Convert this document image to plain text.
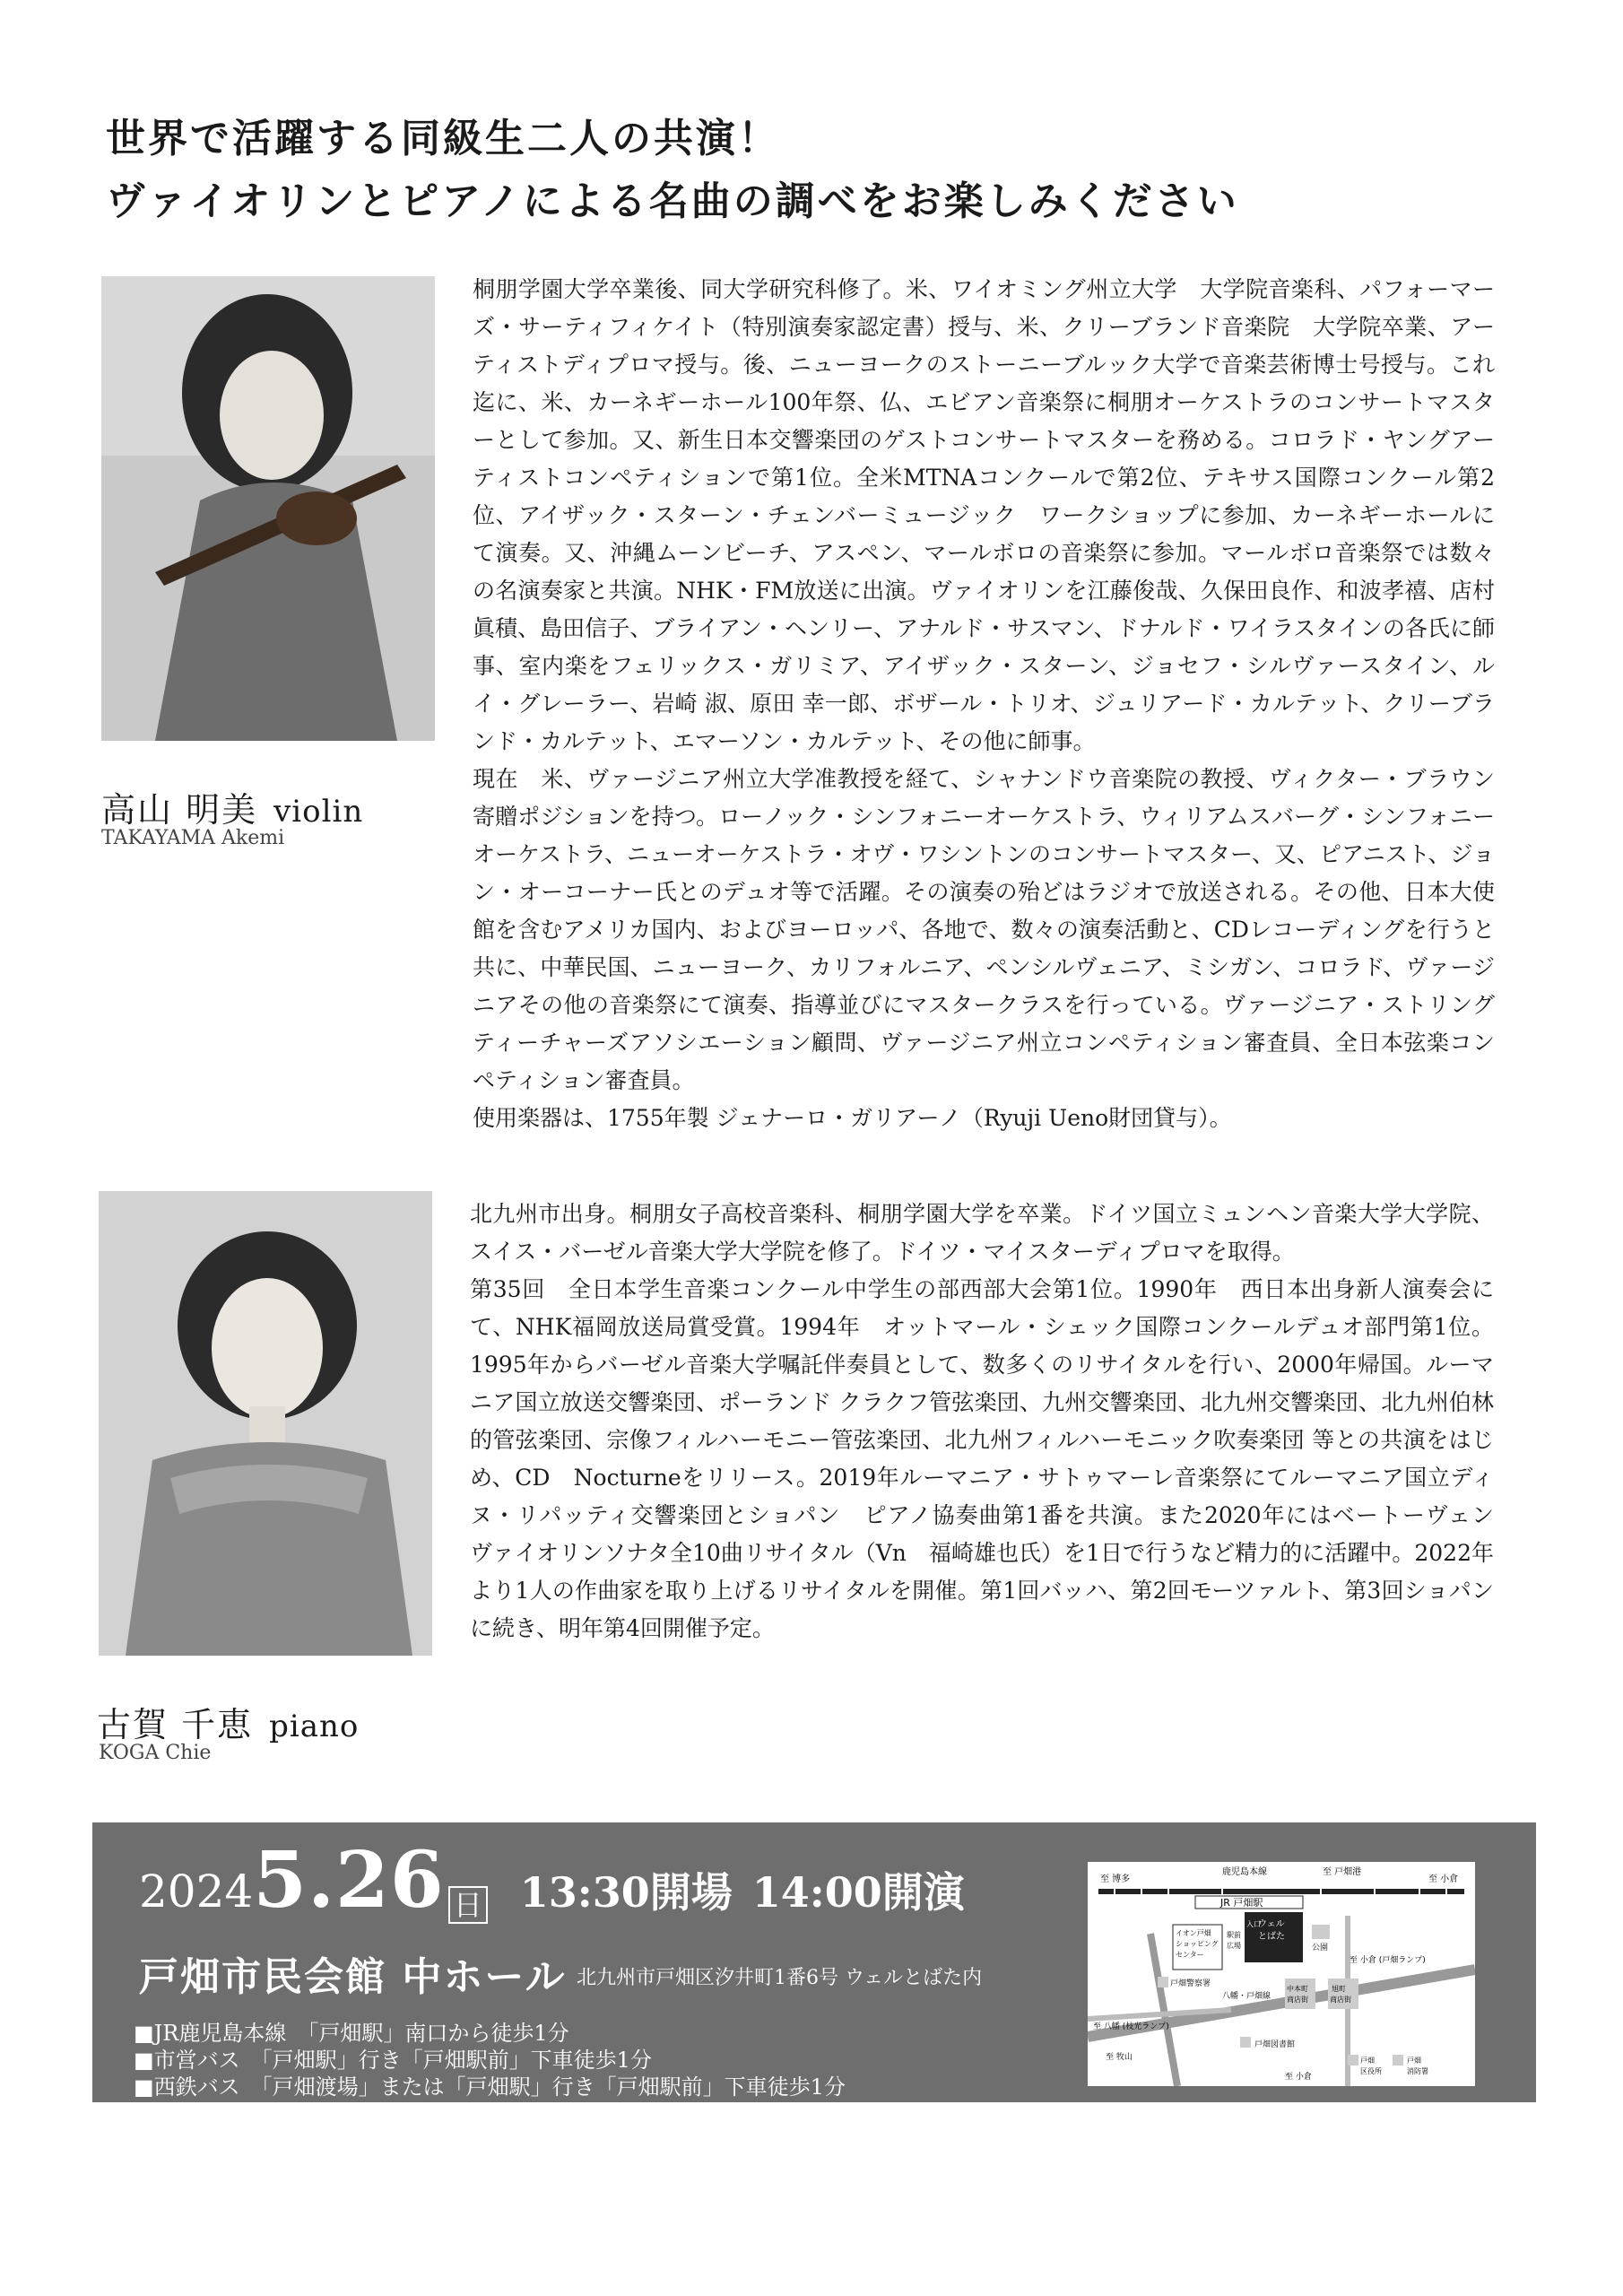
世界で活躍する同級生二人の共演！
ヴァイオリンとピアノによる名曲の調べをお楽しみください
高山 明美 violin
TAKAYAMA Akemi

桐朋学園大学卒業後、同大学研究科修了。米、ワイオミング州立大学　大学院音楽科、パフォーマーズ・サーティフィケイト（特別演奏家認定書）授与、米、クリーブランド音楽院　大学院卒業、アーティストディプロマ授与。後、ニューヨークのストーニーブルック大学で音楽芸術博士号授与。これ迄に、米、カーネギーホール100年祭、仏、エビアン音楽祭に桐朋オーケストラのコンサートマスターとして参加。又、新生日本交響楽団のゲストコンサートマスターを務める。コロラド・ヤングアーティストコンペティションで第1位。全米MTNAコンクールで第2位、テキサス国際コンクール第2位、アイザック・スターン・チェンバーミュージック　ワークショップに参加、カーネギーホールにて演奏。又、沖縄ムーンビーチ、アスペン、マールボロの音楽祭に参加。マールボロ音楽祭では数々の名演奏家と共演。NHK・FM放送に出演。ヴァイオリンを江藤俊哉、久保田良作、和波孝禧、店村眞積、島田信子、ブライアン・ヘンリー、アナルド・サスマン、ドナルド・ワイラスタインの各氏に師事、室内楽をフェリックス・ガリミア、アイザック・スターン、ジョセフ・シルヴァースタイン、ルイ・グレーラー、岩崎 淑、原田 幸一郎、ボザール・トリオ、ジュリアード・カルテット、クリーブランド・カルテット、エマーソン・カルテット、その他に師事。

現在　米、ヴァージニア州立大学准教授を経て、シャナンドウ音楽院の教授、ヴィクター・ブラウン寄贈ポジションを持つ。ローノック・シンフォニーオーケストラ、ウィリアムスバーグ・シンフォニーオーケストラ、ニューオーケストラ・オヴ・ワシントンのコンサートマスター、又、ピアニスト、ジョン・オーコーナー氏とのデュオ等で活躍。その演奏の殆どはラジオで放送される。その他、日本大使館を含むアメリカ国内、およびヨーロッパ、各地で、数々の演奏活動と、CDレコーディングを行うと共に、中華民国、ニューヨーク、カリフォルニア、ペンシルヴェニア、ミシガン、コロラド、ヴァージニアその他の音楽祭にて演奏、指導並びにマスタークラスを行っている。ヴァージニア・ストリングティーチャーズアソシエーション顧問、ヴァージニア州立コンペティション審査員、全日本弦楽コンペティション審査員。

使用楽器は、1755年製 ジェナーロ・ガリアーノ（Ryuji Ueno財団貸与）。

古賀 千恵 piano
KOGA Chie

北九州市出身。桐朋女子高校音楽科、桐朋学園大学を卒業。ドイツ国立ミュンヘン音楽大学大学院、スイス・バーゼル音楽大学大学院を修了。ドイツ・マイスターディプロマを取得。

第35回　全日本学生音楽コンクール中学生の部西部大会第1位。1990年　西日本出身新人演奏会にて、NHK福岡放送局賞受賞。1994年　オットマール・シェック国際コンクールデュオ部門第1位。1995年からバーゼル音楽大学嘱託伴奏員として、数多くのリサイタルを行い、2000年帰国。ルーマニア国立放送交響楽団、ポーランド クラクフ管弦楽団、九州交響楽団、北九州交響楽団、北九州伯林的管弦楽団、宗像フィルハーモニー管弦楽団、北九州フィルハーモニック吹奏楽団 等との共演をはじめ、CD　Nocturneをリリース。2019年ルーマニア・サトゥマーレ音楽祭にてルーマニア国立ディヌ・リパッティ交響楽団とショパン　ピアノ協奏曲第1番を共演。また2020年にはベートーヴェン　ヴァイオリンソナタ全10曲リサイタル（Vn　福崎雄也氏）を1日で行うなど精力的に活躍中。2022年より1人の作曲家を取り上げるリサイタルを開催。第1回バッハ、第2回モーツァルト、第3回ショパンに続き、明年第4回開催予定。

20245.26 日 13:30開場 14:00開演
戸畑市民会館 中ホール 北九州市戸畑区汐井町1番6号 ウェルとばた内
■JR鹿児島本線　「戸畑駅」南口から徒歩1分
■市営バス　「戸畑駅」行き「戸畑駅前」下車徒歩1分
■西鉄バス　「戸畑渡場」または「戸畑駅」行き「戸畑駅前」下車徒歩1分
■北九州都市高速　「戸畑」ランプから約5分　八幡方面からは「枝光」ランプから約6分
至 博多
鹿児島本線	至 戸畑港
至 小倉
JR 戸畑駅
ウェル
とばた
入口
イオン戸畑
ショッピング
センター
駅前
広場	公園
戸畑警察署
至 小倉 (戸畑ランプ)
中本町
商店街
旭町
商店街
八幡・戸畑線
至 八幡 (枝光ランプ)
至 牧山
戸畑図書館
至 小倉
戸畑
区役所
戸畑
消防署
